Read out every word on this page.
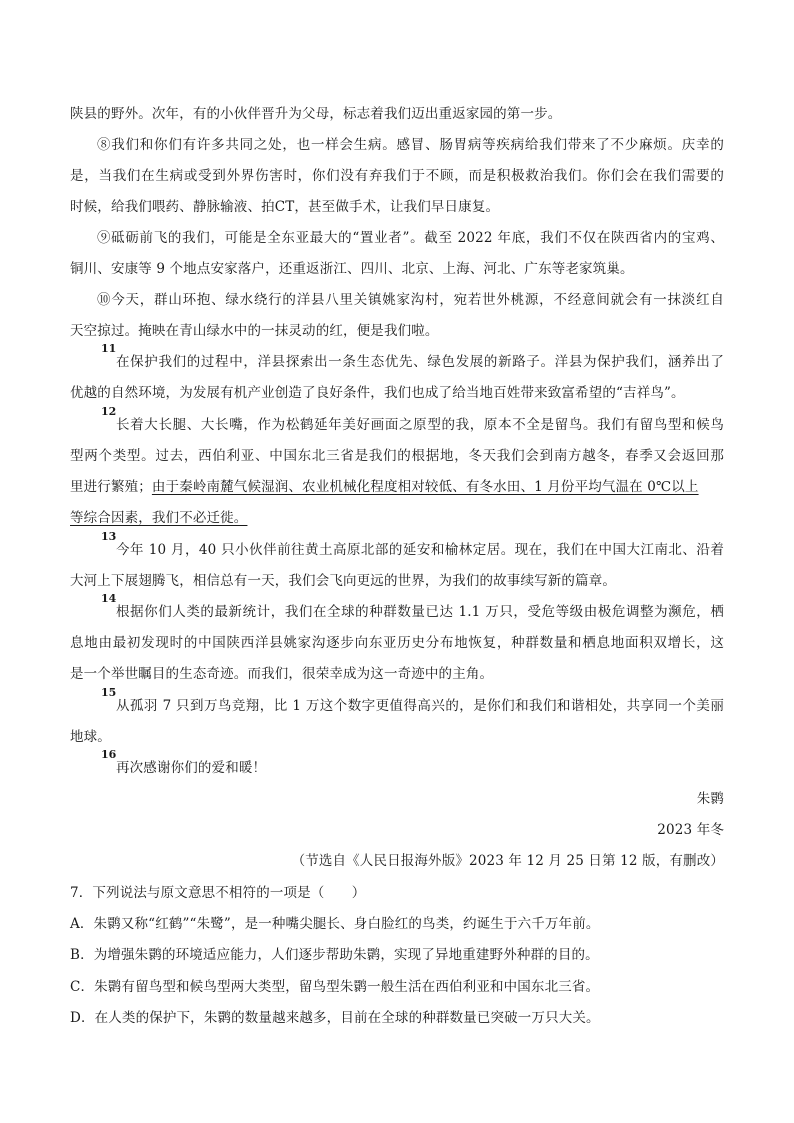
陕县的野外。次年，有的小伙伴晋升为父母，标志着我们迈出重返家园的第一步。
⑧我们和你们有许多共同之处，也一样会生病。感冒、肠胃病等疾病给我们带来了不少麻烦。庆幸的
是，当我们在生病或受到外界伤害时，你们没有弃我们于不顾，而是积极救治我们。你们会在我们需要的
时候，给我们喂药、静脉输液、拍CT，甚至做手术，让我们早日康复。
⑨砥砺前飞的我们，可能是全东亚最大的“置业者”。截至 2022 年底，我们不仅在陕西省内的宝鸡、
铜川、安康等 9 个地点安家落户，还重返浙江、四川、北京、上海、河北、广东等老家筑巢。
⑩今天，群山环抱、绿水绕行的洋县八里关镇姚家沟村，宛若世外桃源，不经意间就会有一抹淡红自
天空掠过。掩映在青山绿水中的一抹灵动的红，便是我们啦。
11
在保护我们的过程中，洋县探索出一条生态优先、绿色发展的新路子。洋县为保护我们，涵养出了
优越的自然环境，为发展有机产业创造了良好条件，我们也成了给当地百姓带来致富希望的“吉祥鸟”。
12
长着大长腿、大长嘴，作为松鹤延年美好画面之原型的我，原本不全是留鸟。我们有留鸟型和候鸟
型两个类型。过去，西伯利亚、中国东北三省是我们的根据地，冬天我们会到南方越冬，春季又会返回那
里进行繁殖；由于秦岭南麓气候湿润、农业机械化程度相对较低、有冬水田、1 月份平均气温在 0℃以上
等综合因素，我们不必迁徙。
13
今年 10 月，40 只小伙伴前往黄土高原北部的延安和榆林定居。现在，我们在中国大江南北、沿着
大河上下展翅腾飞，相信总有一天，我们会飞向更远的世界，为我们的故事续写新的篇章。
14
根据你们人类的最新统计，我们在全球的种群数量已达 1.1 万只，受危等级由极危调整为濒危，栖
息地由最初发现时的中国陕西洋县姚家沟逐步向东亚历史分布地恢复，种群数量和栖息地面积双增长，这
是一个举世瞩目的生态奇迹。而我们，很荣幸成为这一奇迹中的主角。
15
从孤羽 7 只到万鸟竞翔，比 1 万这个数字更值得高兴的，是你们和我们和谐相处，共享同一个美丽
地球。
16
再次感谢你们的爱和暖！
朱鹮
2023 年冬
（节选自《人民日报海外版》2023 年 12 月 25 日第 12 版，有删改）
7．下列说法与原文意思不相符的一项是（　　）
A．朱鹮又称“红鹤”“朱鹭”，是一种嘴尖腿长、身白脸红的鸟类，约诞生于六千万年前。
B．为增强朱鹮的环境适应能力，人们逐步帮助朱鹮，实现了异地重建野外种群的目的。
C．朱鹮有留鸟型和候鸟型两大类型，留鸟型朱鹮一般生活在西伯利亚和中国东北三省。
D．在人类的保护下，朱鹮的数量越来越多，目前在全球的种群数量已突破一万只大关。
